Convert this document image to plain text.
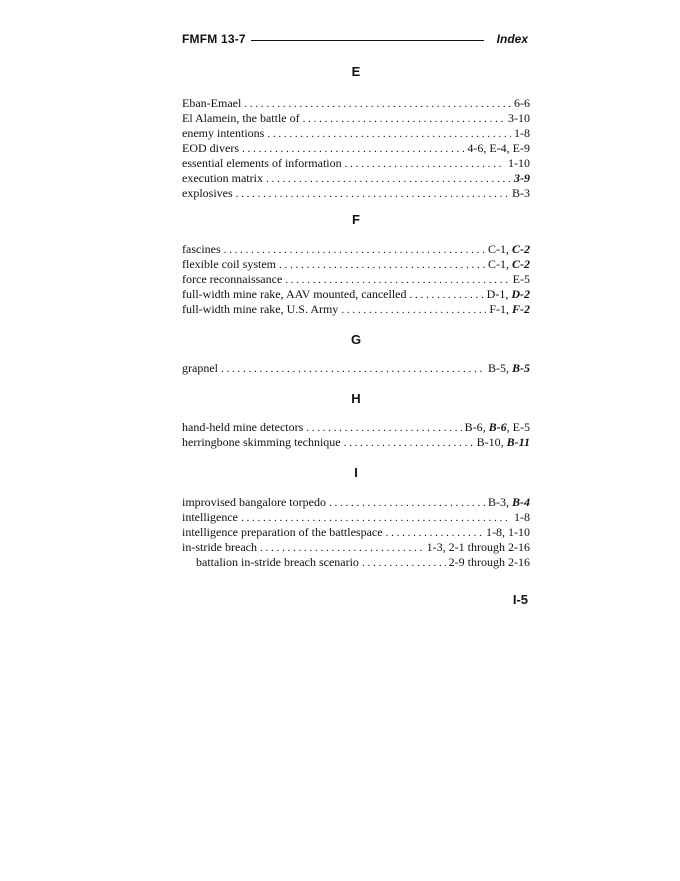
FMFM 13-7	Index
E
Eban-Emael . . .	6-6
El Alamein, the battle of . . .	3-10
enemy intentions . . .	1-8
EOD divers . . .	4-6, E-4, E-9
essential elements of information . . .	1-10
execution matrix . . .	3-9
explosives . . .	B-3
F
fascines . . .	C-1, C-2
flexible coil system . . .	C-1, C-2
force reconnaissance . . .	E-5
full-width mine rake, AAV mounted, cancelled . . .	D-1, D-2
full-width mine rake, U.S. Army . . .	F-1, F-2
G
grapnel . . .	B-5, B-5
H
hand-held mine detectors . . .	B-6, B-6, E-5
herringbone skimming technique . . .	B-10, B-11
I
improvised bangalore torpedo . . .	B-3, B-4
intelligence . . .	1-8
intelligence preparation of the battlespace . . .	1-8, 1-10
in-stride breach . . .	1-3, 2-1 through 2-16
battalion in-stride breach scenario . . .	2-9 through 2-16
I-5
